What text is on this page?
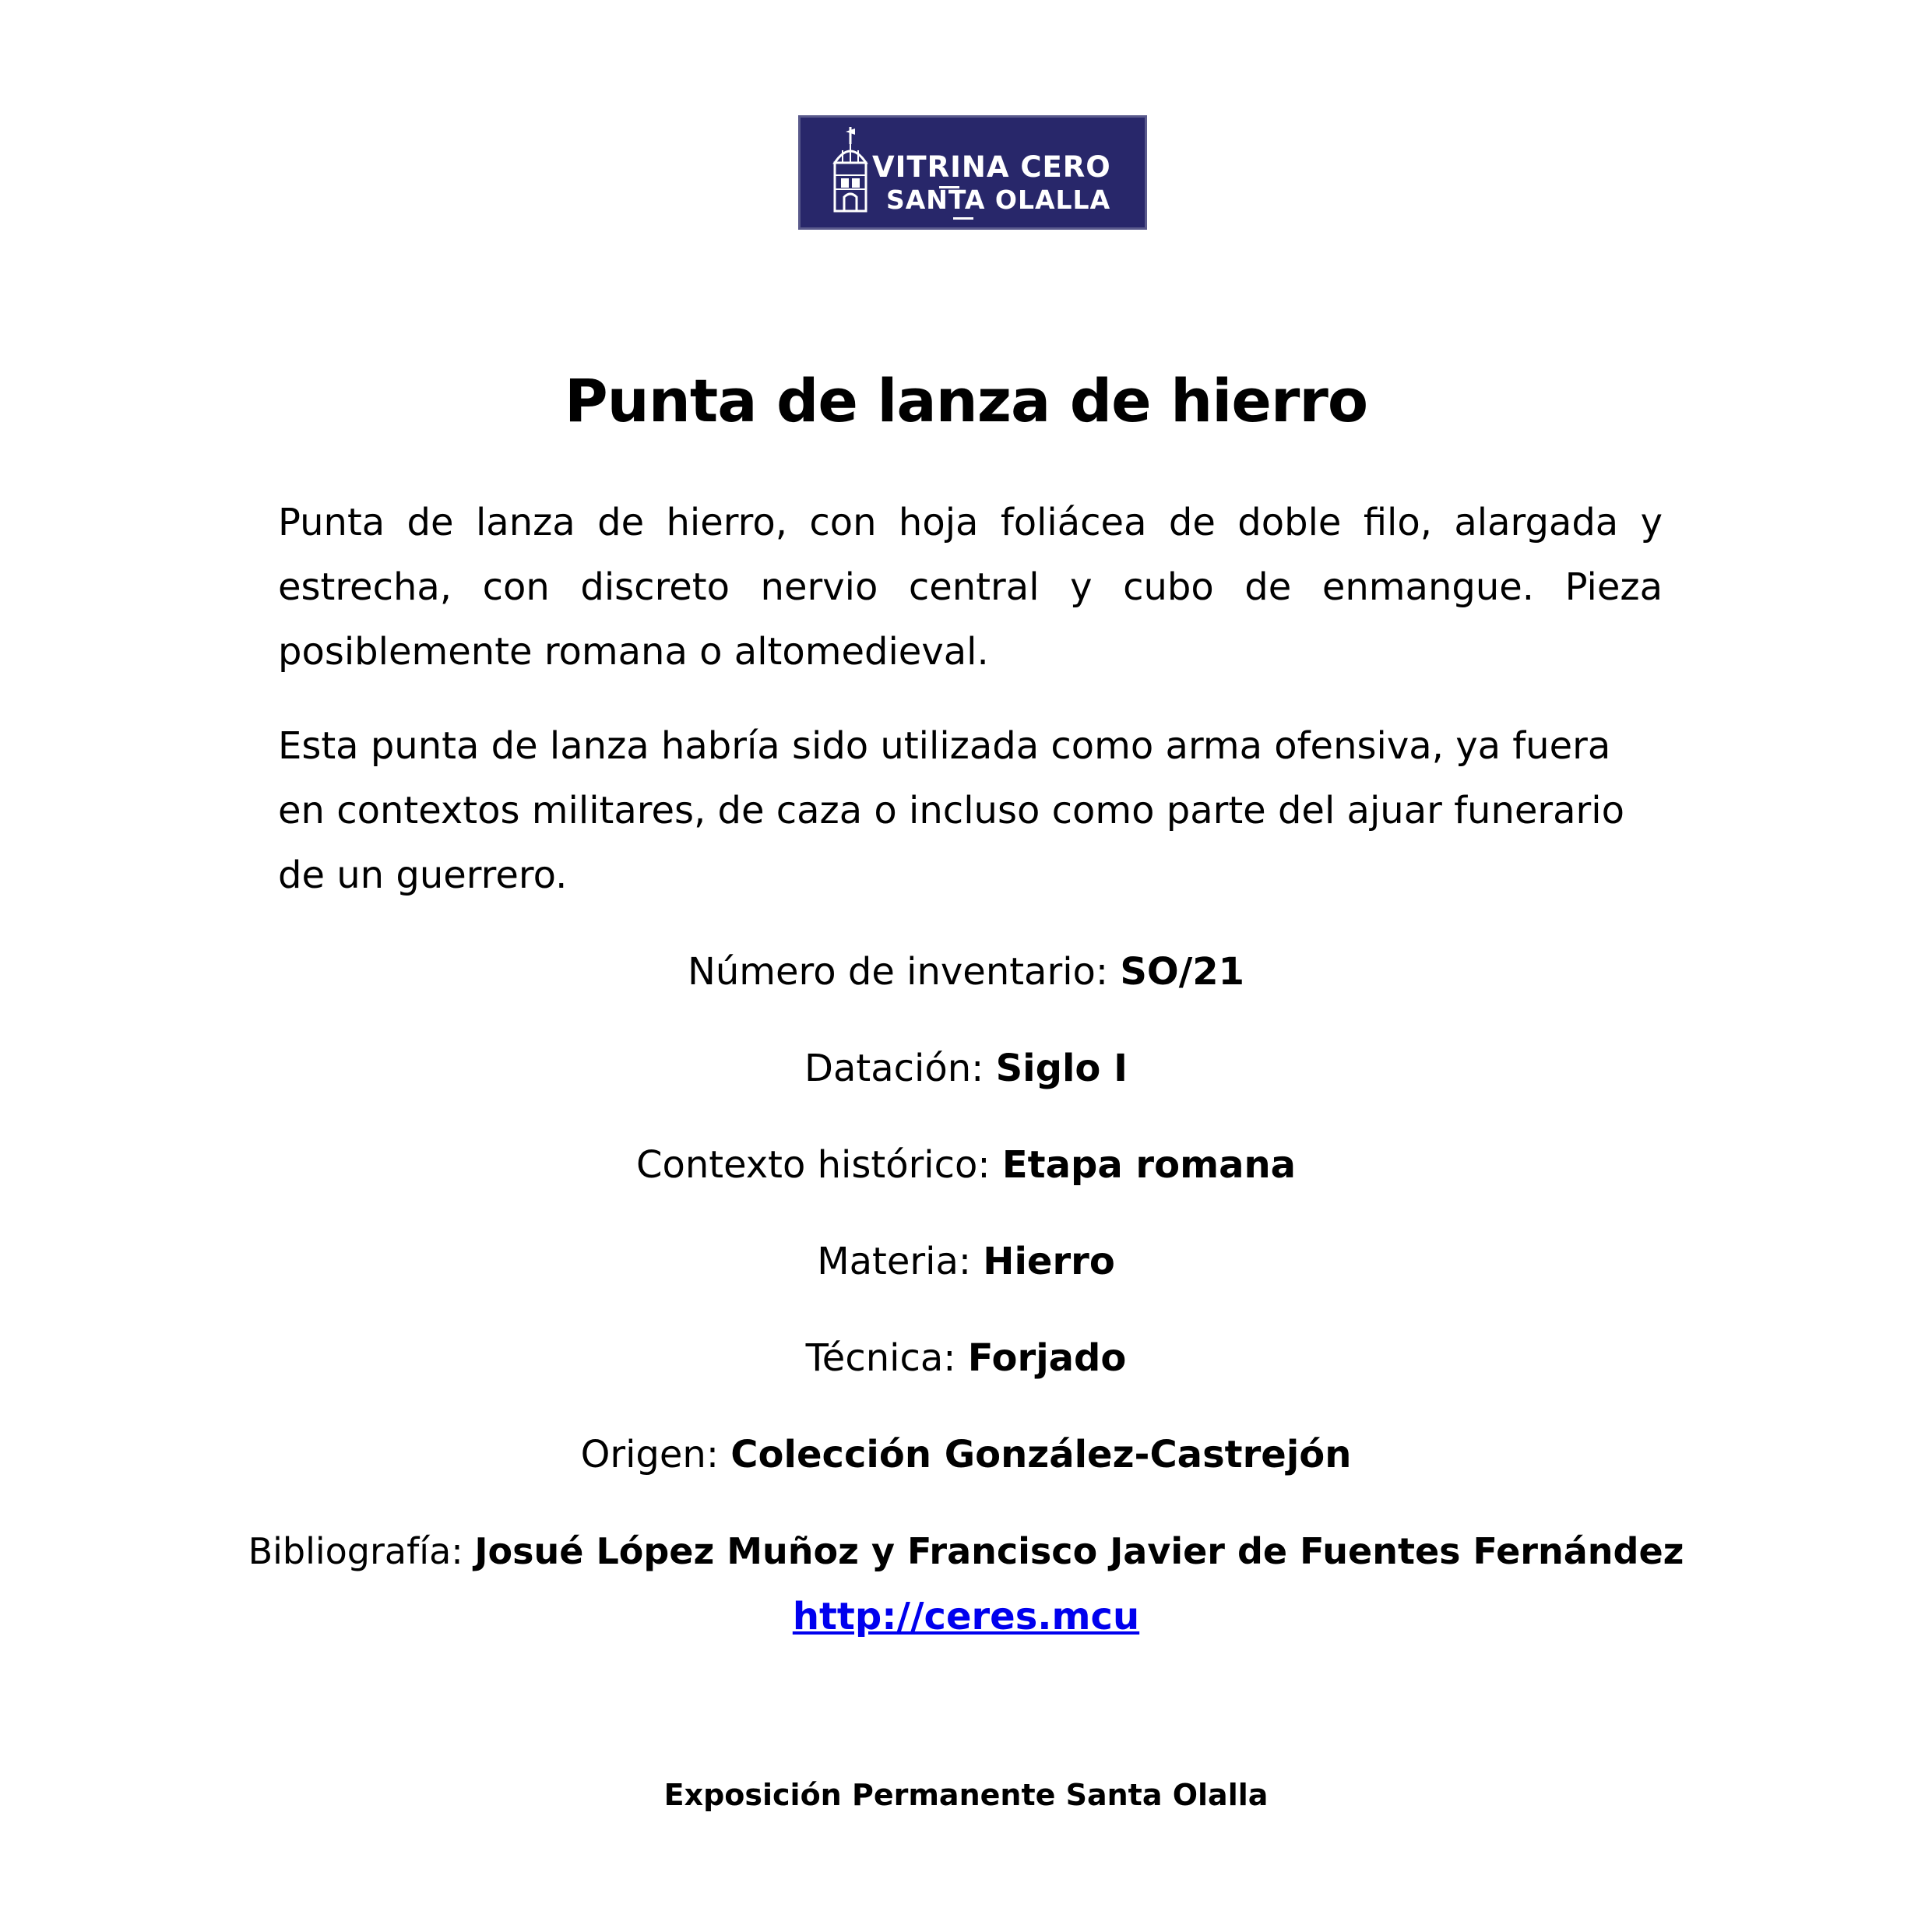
VITRINA CERO
SANTA OLALLA
Punta de lanza de hierro

Punta de lanza de hierro, con hoja foliácea de doble filo, alargada y estrecha, con discreto nervio central y cubo de enmangue. Pieza posiblemente romana o altomedieval.

Esta punta de lanza habría sido utilizada como arma ofensiva, ya fuera en contextos militares, de caza o incluso como parte del ajuar funerario de un guerrero.

Número de inventario: SO/21
Datación: Siglo I
Contexto histórico: Etapa romana
Materia: Hierro
Técnica: Forjado
Origen: Colección González-Castrejón
Bibliografía: Josué López Muñoz y Francisco Javier de Fuentes Fernández
http://ceres.mcu
Exposición Permanente Santa Olalla
